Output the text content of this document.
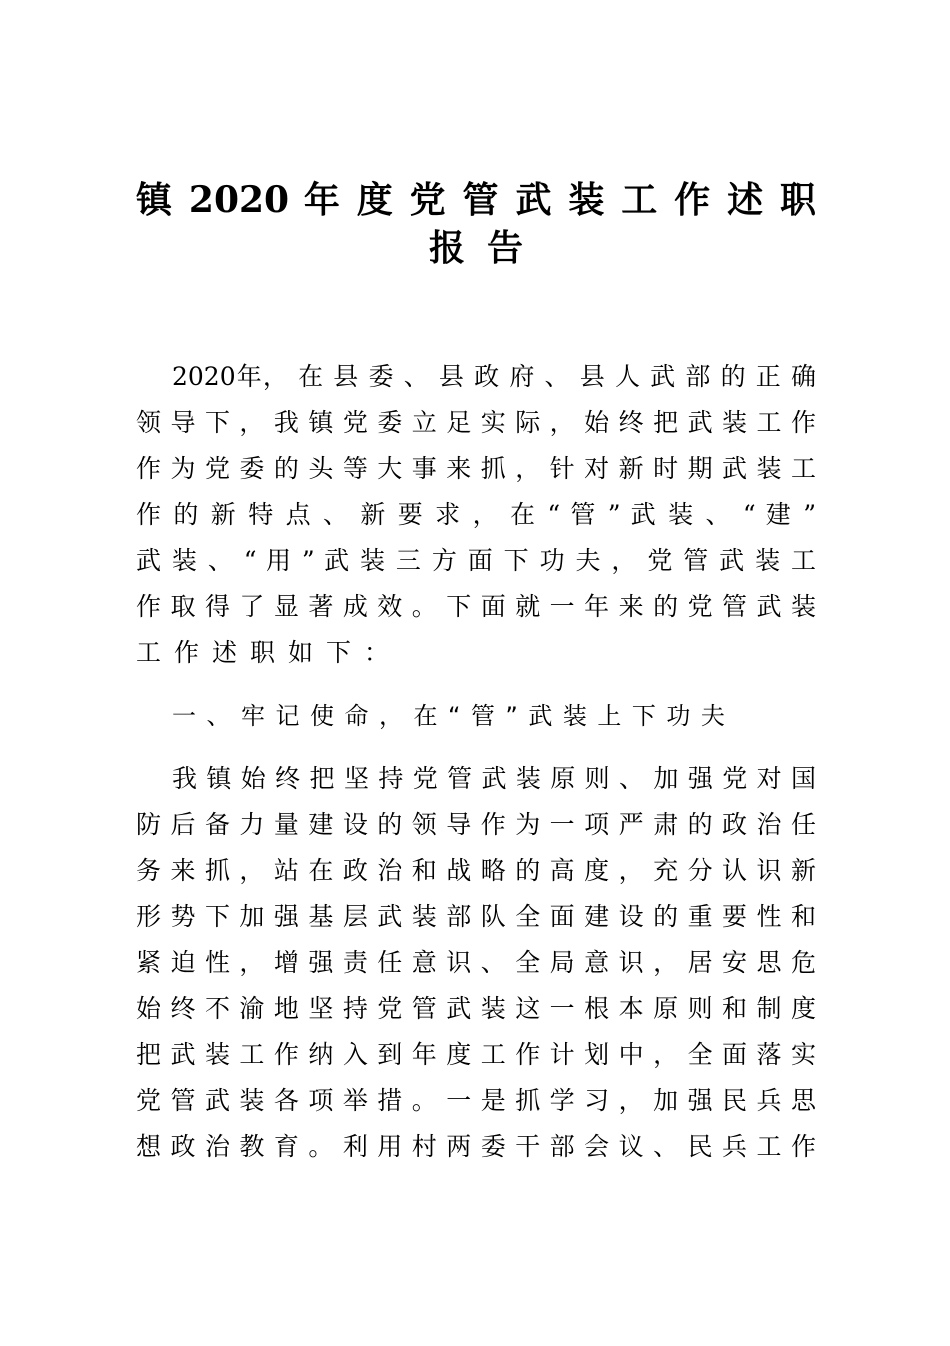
镇 2020 年 度 党 管 武 装 工 作 述 职
报告
2020年， 在 县 委 、 县 政 府 、 县 人 武 部 的 正 确
领 导 下 ， 我 镇 党 委 立 足 实 际 ， 始 终 把 武 装 工 作
作 为 党 委 的 头 等 大 事 来 抓 ， 针 对 新 时 期 武 装 工
作 的 新 特 点 、 新 要 求 ， 在 “ 管 ” 武 装 、 “ 建 ”
武 装 、 “ 用 ” 武 装 三 方 面 下 功 夫 ， 党 管 武 装 工
作 取 得 了 显 著 成 效 。 下 面 就 一 年 来 的 党 管 武 装
工作述职如下：
一、牢记使命，在“管”武装上下功夫
我 镇 始 终 把 坚 持 党 管 武 装 原 则 、 加 强 党 对 国
防 后 备 力 量 建 设 的 领 导 作 为 一 项 严 肃 的 政 治 任
务 来 抓 ， 站 在 政 治 和 战 略 的 高 度 ， 充 分 认 识 新
形 势 下 加 强 基 层 武 装 部 队 全 面 建 设 的 重 要 性 和
紧 迫 性 ， 增 强 责 任 意 识 、 全 局 意 识 ， 居 安 思 危
始 终 不 渝 地 坚 持 党 管 武 装 这 一 根 本 原 则 和 制 度
把 武 装 工 作 纳 入 到 年 度 工 作 计 划 中 ， 全 面 落 实
党 管 武 装 各 项 举 措 。 一 是 抓 学 习 ， 加 强 民 兵 思
想 政 治 教 育 。 利 用 村 两 委 干 部 会 议 、 民 兵 工 作
